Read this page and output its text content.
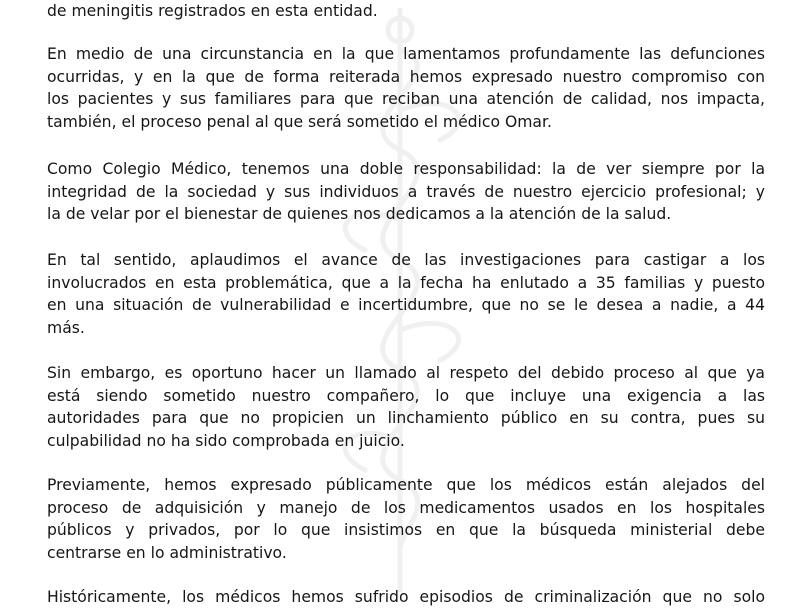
de meningitis registrados en esta entidad.

En medio de una circunstancia en la que lamentamos profundamente las defunciones
ocurridas, y en la que de forma reiterada hemos expresado nuestro compromiso con
los pacientes y sus familiares para que reciban una atención de calidad, nos impacta,
también, el proceso penal al que será sometido el médico Omar.

Como Colegio Médico, tenemos una doble responsabilidad: la de ver siempre por la
integridad de la sociedad y sus individuos a través de nuestro ejercicio profesional; y
la de velar por el bienestar de quienes nos dedicamos a la atención de la salud.

En tal sentido, aplaudimos el avance de las investigaciones para castigar a los
involucrados en esta problemática, que a la fecha ha enlutado a 35 familias y puesto
en una situación de vulnerabilidad e incertidumbre, que no se le desea a nadie, a 44
más.

Sin embargo, es oportuno hacer un llamado al respeto del debido proceso al que ya
está siendo sometido nuestro compañero, lo que incluye una exigencia a las
autoridades para que no propicien un linchamiento público en su contra, pues su
culpabilidad no ha sido comprobada en juicio.

Previamente, hemos expresado públicamente que los médicos están alejados del
proceso de adquisición y manejo de los medicamentos usados en los hospitales
públicos y privados, por lo que insistimos en que la búsqueda ministerial debe
centrarse en lo administrativo.

Históricamente, los médicos hemos sufrido episodios de criminalización que no solo
